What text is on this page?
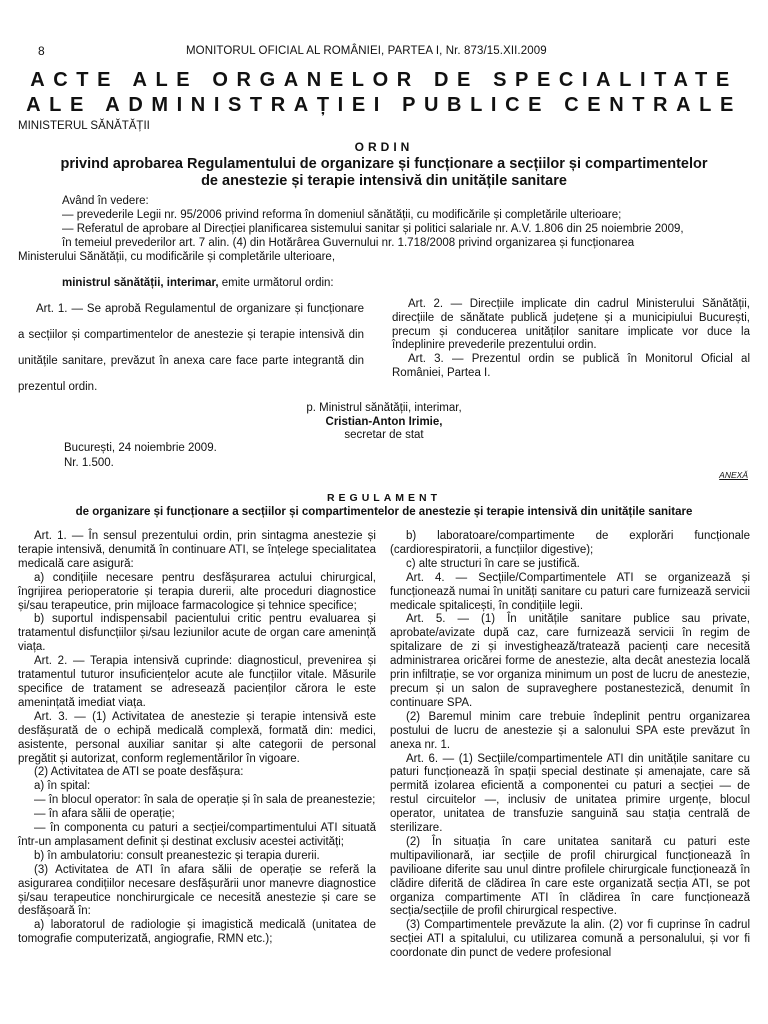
8	MONITORUL OFICIAL AL ROMÂNIEI, PARTEA I, Nr. 873/15.XII.2009
ACTE ALE ORGANELOR DE SPECIALITATE
ALE ADMINISTRAȚIEI PUBLICE CENTRALE
MINISTERUL SĂNĂTĂȚII
ORDIN
privind aprobarea Regulamentului de organizare și funcționare a secțiilor și compartimentelor
de anestezie și terapie intensivă din unitățile sanitare
Având în vedere:
— prevederile Legii nr. 95/2006 privind reforma în domeniul sănătății, cu modificările și completările ulterioare;
— Referatul de aprobare al Direcției planificarea sistemului sanitar și politici salariale nr. A.V. 1.806 din 25 noiembrie 2009,
în temeiul prevederilor art. 7 alin. (4) din Hotărârea Guvernului nr. 1.718/2008 privind organizarea și funcționarea
Ministerului Sănătății, cu modificările și completările ulterioare,
ministrul sănătății, interimar, emite următorul ordin:

Art. 1. — Se aprobă Regulamentul de organizare și funcționare a secțiilor și compartimentelor de anestezie și terapie intensivă din unitățile sanitare, prevăzut în anexa care face parte integrantă din prezentul ordin.

Art. 2. — Direcțiile implicate din cadrul Ministerului Sănătății, direcțiile de sănătate publică județene și a municipiului București, precum și conducerea unităților sanitare implicate vor duce la îndeplinire prevederile prezentului ordin.

Art. 3. — Prezentul ordin se publică în Monitorul Oficial al României, Partea I.

p. Ministrul sănătății, interimar,
Cristian-Anton Irimie,
secretar de stat
București, 24 noiembrie 2009.
Nr. 1.500.
ANEXĂ
REGULAMENT
de organizare și funcționare a secțiilor și compartimentelor de anestezie și terapie intensivă din unitățile sanitare

Art. 1. — În sensul prezentului ordin, prin sintagma anestezie și terapie intensivă, denumită în continuare ATI, se înțelege specialitatea medicală care asigură:

a) condițiile necesare pentru desfășurarea actului chirurgical, îngrijirea perioperatorie și terapia durerii, alte proceduri diagnostice și/sau terapeutice, prin mijloace farmacologice și tehnice specifice;

b) suportul indispensabil pacientului critic pentru evaluarea și tratamentul disfuncțiilor și/sau leziunilor acute de organ care amenință viața.

Art. 2. — Terapia intensivă cuprinde: diagnosticul, prevenirea și tratamentul tuturor insuficiențelor acute ale funcțiilor vitale. Măsurile specifice de tratament se adresează pacienților cărora le este amenințată imediat viața.

Art. 3. — (1) Activitatea de anestezie și terapie intensivă este desfășurată de o echipă medicală complexă, formată din: medici, asistente, personal auxiliar sanitar și alte categorii de personal pregătit și autorizat, conform reglementărilor în vigoare.

(2) Activitatea de ATI se poate desfășura:

a) în spital:

— în blocul operator: în sala de operație și în sala de preanestezie;

— în afara sălii de operație;

— în componenta cu paturi a secției/compartimentului ATI situată într-un amplasament definit și destinat exclusiv acestei activități;

b) în ambulatoriu: consult preanestezic și terapia durerii.

(3) Activitatea de ATI în afara sălii de operație se referă la asigurarea condițiilor necesare desfășurării unor manevre diagnostice și/sau terapeutice nonchirurgicale ce necesită anestezie și care se desfășoară în:

a) laboratorul de radiologie și imagistică medicală (unitatea de tomografie computerizată, angiografie, RMN etc.);

b) laboratoare/compartimente de explorări funcționale (cardiorespiratorii, a funcțiilor digestive);

c) alte structuri în care se justifică.

Art. 4. — Secțiile/Compartimentele ATI se organizează și funcționează numai în unități sanitare cu paturi care furnizează servicii medicale spitalicești, în condițiile legii.

Art. 5. — (1) În unitățile sanitare publice sau private, aprobate/avizate după caz, care furnizează servicii în regim de spitalizare de zi și investighează/tratează pacienți care necesită administrarea oricărei forme de anestezie, alta decât anestezia locală prin infiltrație, se vor organiza minimum un post de lucru de anestezie, precum și un salon de supraveghere postanestezică, denumit în continuare SPA.

(2) Baremul minim care trebuie îndeplinit pentru organizarea postului de lucru de anestezie și a salonului SPA este prevăzut în anexa nr. 1.

Art. 6. — (1) Secțiile/compartimentele ATI din unitățile sanitare cu paturi funcționează în spații special destinate și amenajate, care să permită izolarea eficientă a componentei cu paturi a secției — de restul circuitelor —, inclusiv de unitatea primire urgențe, blocul operator, unitatea de transfuzie sanguină sau stația centrală de sterilizare.

(2) În situația în care unitatea sanitară cu paturi este multipavilionară, iar secțiile de profil chirurgical funcționează în pavilioane diferite sau unul dintre profilele chirurgicale funcționează în clădire diferită de clădirea în care este organizată secția ATI, se pot organiza compartimente ATI în clădirea în care funcționează secția/secțiile de profil chirurgical respective.

(3) Compartimentele prevăzute la alin. (2) vor fi cuprinse în cadrul secției ATI a spitalului, cu utilizarea comună a personalului, și vor fi coordonate din punct de vedere profesional
